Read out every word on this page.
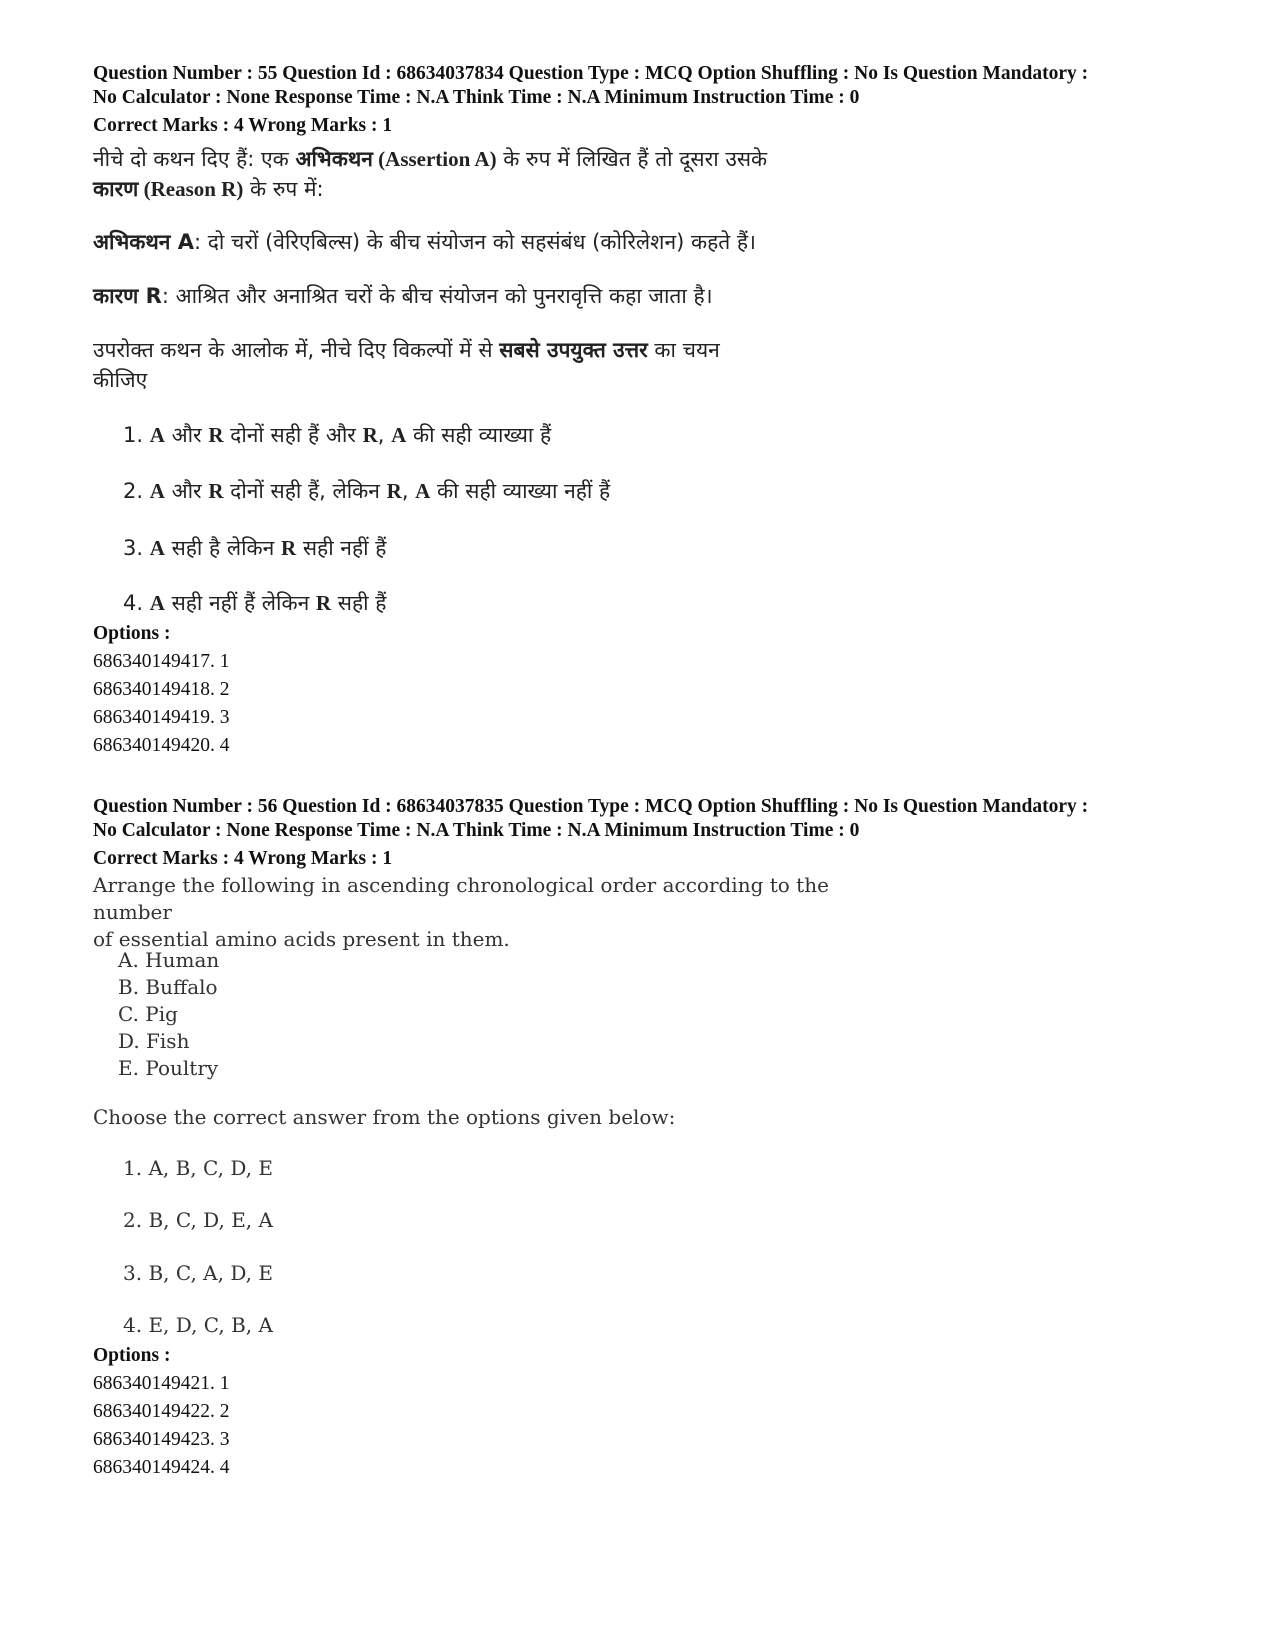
Question Number : 55 Question Id : 68634037834 Question Type : MCQ Option Shuffling : No Is Question Mandatory :
No Calculator : None Response Time : N.A Think Time : N.A Minimum Instruction Time : 0
Correct Marks : 4 Wrong Marks : 1
नीचे दो कथन दिए हैं: एक अभिकथन (Assertion A) के रुप में लिखित हैं तो दूसरा उसके
कारण (Reason R) के रुप में:
अभिकथन A: दो चरों (वेरिएबिल्स) के बीच संयोजन को सहसंबंध (कोरिलेशन) कहते हैं।
कारण R: आश्रित और अनाश्रित चरों के बीच संयोजन को पुनरावृत्ति कहा जाता है।
उपरोक्त कथन के आलोक में, नीचे दिए विकल्पों में से सबसे उपयुक्त उत्तर का चयन
कीजिए
1. A और R दोनों सही हैं और R, A की सही व्याख्या हैं
2. A और R दोनों सही हैं, लेकिन R, A की सही व्याख्या नहीं हैं
3. A सही है लेकिन R सही नहीं हैं
4. A सही नहीं हैं लेकिन R सही हैं
Options :
686340149417. 1
686340149418. 2
686340149419. 3
686340149420. 4
Question Number : 56 Question Id : 68634037835 Question Type : MCQ Option Shuffling : No Is Question Mandatory :
No Calculator : None Response Time : N.A Think Time : N.A Minimum Instruction Time : 0
Correct Marks : 4 Wrong Marks : 1
Arrange the following in ascending chronological order according to the number
of essential amino acids present in them.
A. Human
B. Buffalo
C. Pig
D. Fish
E. Poultry
Choose the correct answer from the options given below:
1. A, B, C, D, E
2. B, C, D, E, A
3. B, C, A, D, E
4. E, D, C, B, A
Options :
686340149421. 1
686340149422. 2
686340149423. 3
686340149424. 4
